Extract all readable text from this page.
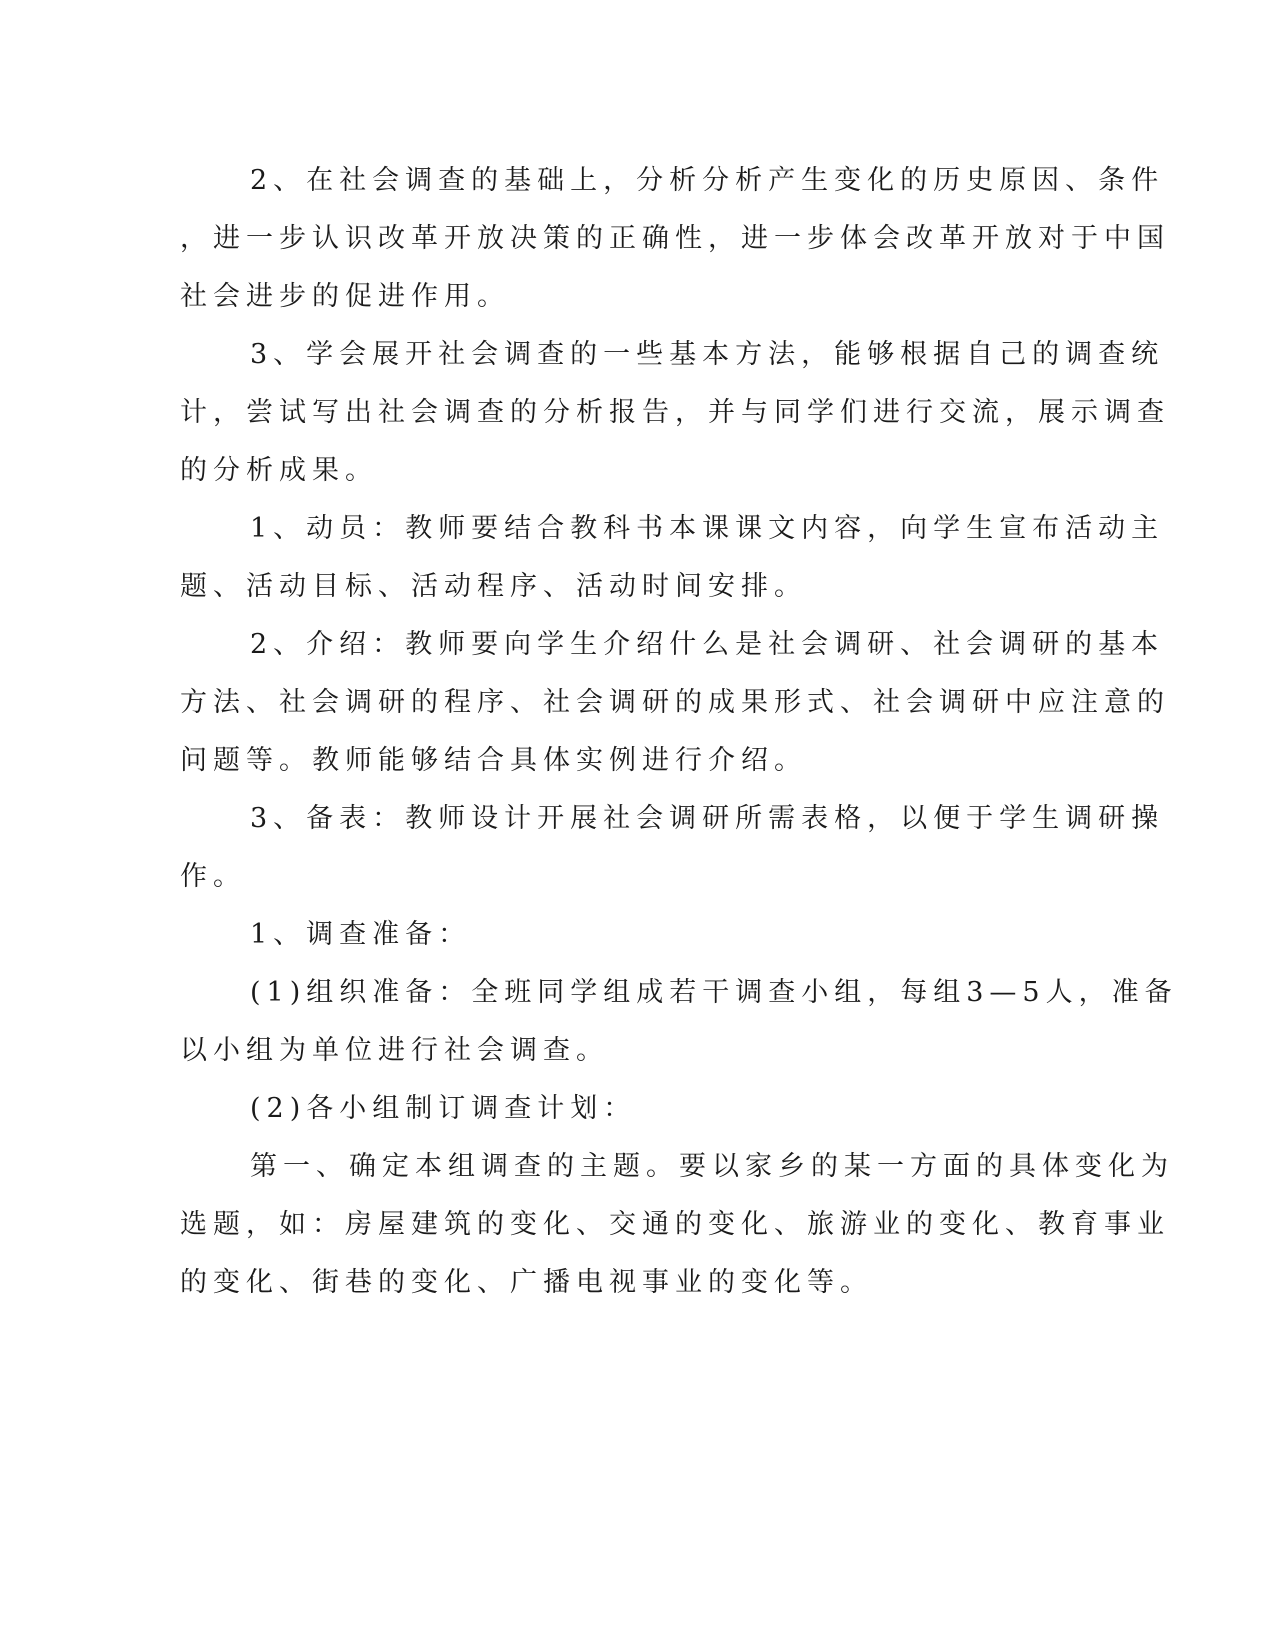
2、在社会调查的基础上，分析分析产生变化的历史原因、条件
，进一步认识改革开放决策的正确性，进一步体会改革开放对于中国
社会进步的促进作用。
3、学会展开社会调查的一些基本方法，能够根据自己的调查统
计，尝试写出社会调查的分析报告，并与同学们进行交流，展示调查
的分析成果。
1、动员：教师要结合教科书本课课文内容，向学生宣布活动主
题、活动目标、活动程序、活动时间安排。
2、介绍：教师要向学生介绍什么是社会调研、社会调研的基本
方法、社会调研的程序、社会调研的成果形式、社会调研中应注意的
问题等。教师能够结合具体实例进行介绍。
3、备表：教师设计开展社会调研所需表格，以便于学生调研操
作。
1、调查准备：
(1)组织准备：全班同学组成若干调查小组，每组3—5人，准备
以小组为单位进行社会调查。
(2)各小组制订调查计划：
第一、确定本组调查的主题。要以家乡的某一方面的具体变化为
选题，如：房屋建筑的变化、交通的变化、旅游业的变化、教育事业
的变化、街巷的变化、广播电视事业的变化等。
